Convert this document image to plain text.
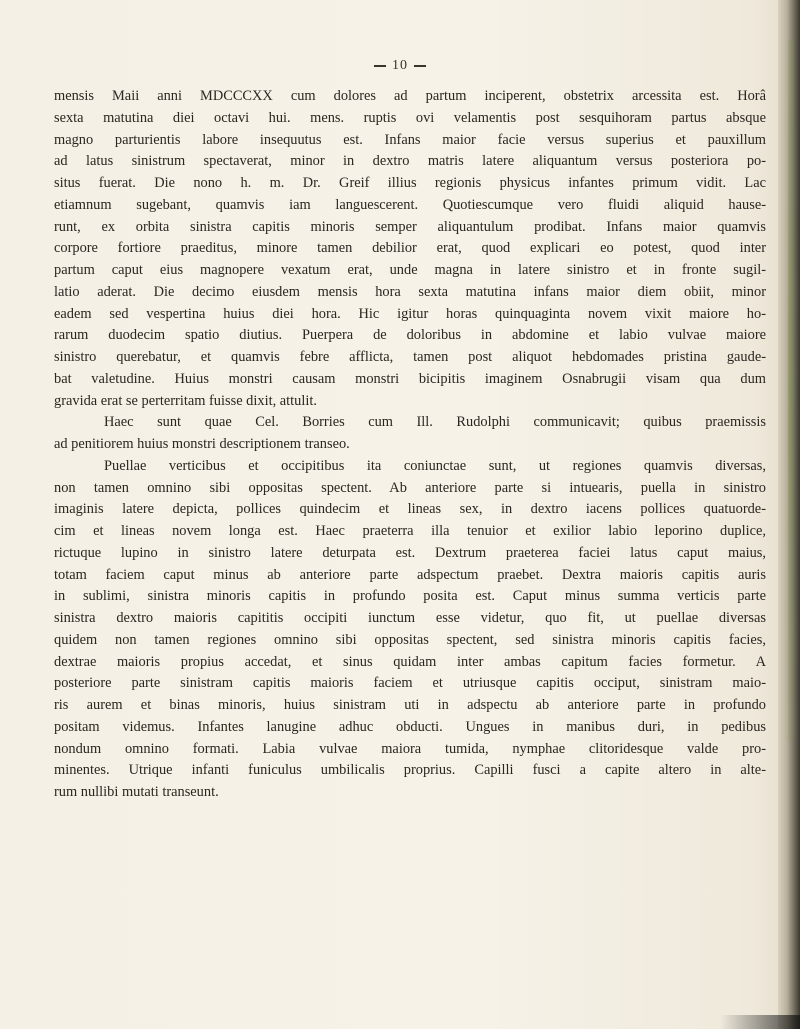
10
mensis Maii anni MDCCCXX cum dolores ad partum inciperent, obstetrix arcessita est. Horâ
sexta matutina diei octavi hui. mens. ruptis ovi velamentis post sesquihoram partus absque
magno parturientis labore insequutus est. Infans maior facie versus superius et pauxillum
ad latus sinistrum spectaverat, minor in dextro matris latere aliquantum versus posteriora po-
situs fuerat. Die nono h. m. Dr. Greif illius regionis physicus infantes primum vidit. Lac
etiamnum sugebant, quamvis iam languescerent. Quotiescumque vero fluidi aliquid hause-
runt, ex orbita sinistra capitis minoris semper aliquantulum prodibat. Infans maior quamvis
corpore fortiore praeditus, minore tamen debilior erat, quod explicari eo potest, quod inter
partum caput eius magnopere vexatum erat, unde magna in latere sinistro et in fronte sugil-
latio aderat. Die decimo eiusdem mensis hora sexta matutina infans maior diem obiit, minor
eadem sed vespertina huius diei hora. Hic igitur horas quinquaginta novem vixit maiore ho-
rarum duodecim spatio diutius. Puerpera de doloribus in abdomine et labio vulvae maiore
sinistro querebatur, et quamvis febre afflicta, tamen post aliquot hebdomades pristina gaude-
bat valetudine. Huius monstri causam monstri bicipitis imaginem Osnabrugii visam qua dum
gravida erat se perterritam fuisse dixit, attulit.
Haec sunt quae Cel. Borries cum Ill. Rudolphi communicavit; quibus praemissis
ad penitiorem huius monstri descriptionem transeo.
Puellae verticibus et occipitibus ita coniunctae sunt, ut regiones quamvis diversas,
non tamen omnino sibi oppositas spectent. Ab anteriore parte si intuearis, puella in sinistro
imaginis latere depicta, pollices quindecim et lineas sex, in dextro iacens pollices quatuorde-
cim et lineas novem longa est. Haec praeterra illa tenuior et exilior labio leporino duplice,
rictuque lupino in sinistro latere deturpata est. Dextrum praeterea faciei latus caput maius,
totam faciem caput minus ab anteriore parte adspectum praebet. Dextra maioris capitis auris
in sublimi, sinistra minoris capitis in profundo posita est. Caput minus summa verticis parte
sinistra dextro maioris capititis occipiti iunctum esse videtur, quo fit, ut puellae diversas
quidem non tamen regiones omnino sibi oppositas spectent, sed sinistra minoris capitis facies,
dextrae maioris propius accedat, et sinus quidam inter ambas capitum facies formetur. A
posteriore parte sinistram capitis maioris faciem et utriusque capitis occiput, sinistram maio-
ris aurem et binas minoris, huius sinistram uti in adspectu ab anteriore parte in profundo
positam videmus. Infantes lanugine adhuc obducti. Ungues in manibus duri, in pedibus
nondum omnino formati. Labia vulvae maiora tumida, nymphae clitoridesque valde pro-
minentes. Utrique infanti funiculus umbilicalis proprius. Capilli fusci a capite altero in alte-
rum nullibi mutati transeunt.
